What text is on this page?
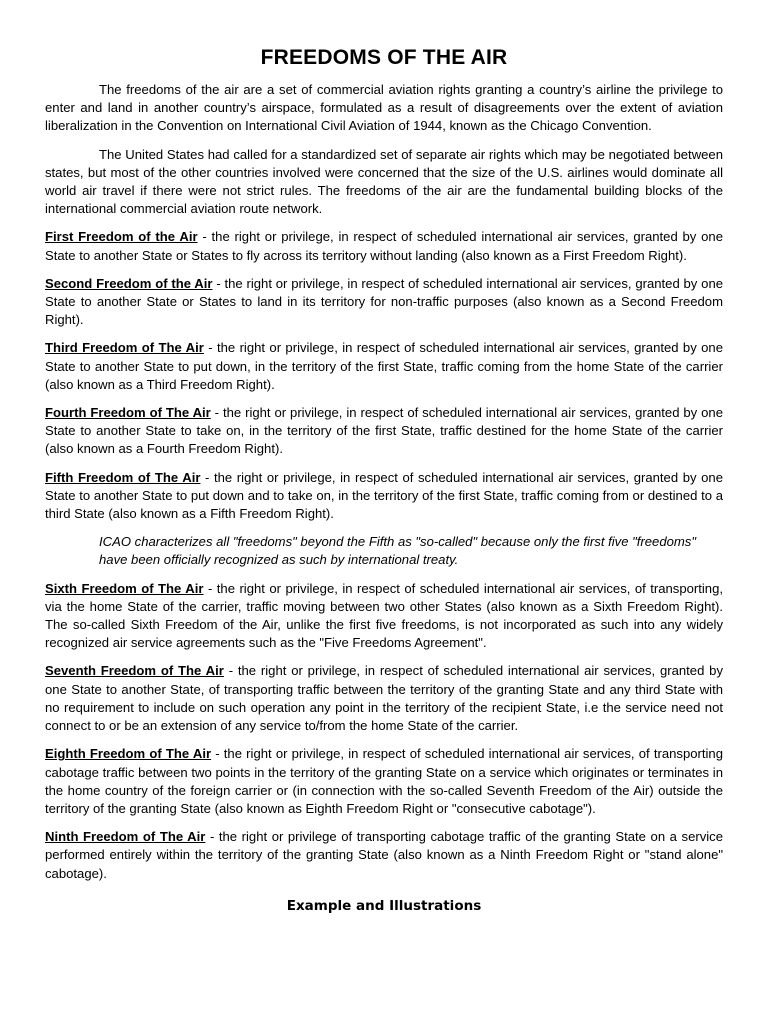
FREEDOMS OF THE AIR

The freedoms of the air are a set of commercial aviation rights granting a country’s airline the privilege to enter and land in another country’s airspace, formulated as a result of disagreements over the extent of aviation liberalization in the Convention on International Civil Aviation of 1944, known as the Chicago Convention.

The United States had called for a standardized set of separate air rights which may be negotiated between states, but most of the other countries involved were concerned that the size of the U.S. airlines would dominate all world air travel if there were not strict rules. The freedoms of the air are the fundamental building blocks of the international commercial aviation route network.

First Freedom of the Air - the right or privilege, in respect of scheduled international air services, granted by one State to another State or States to fly across its territory without landing (also known as a First Freedom Right).

Second Freedom of the Air - the right or privilege, in respect of scheduled international air services, granted by one State to another State or States to land in its territory for non-traffic purposes (also known as a Second Freedom Right).

Third Freedom of The Air - the right or privilege, in respect of scheduled international air services, granted by one State to another State to put down, in the territory of the first State, traffic coming from the home State of the carrier (also known as a Third Freedom Right).

Fourth Freedom of The Air - the right or privilege, in respect of scheduled international air services, granted by one State to another State to take on, in the territory of the first State, traffic destined for the home State of the carrier (also known as a Fourth Freedom Right).

Fifth Freedom of The Air - the right or privilege, in respect of scheduled international air services, granted by one State to another State to put down and to take on, in the territory of the first State, traffic coming from or destined to a third State (also known as a Fifth Freedom Right).

ICAO characterizes all "freedoms" beyond the Fifth as "so-called" because only the first five "freedoms" have been officially recognized as such by international treaty.

Sixth Freedom of The Air - the right or privilege, in respect of scheduled international air services, of transporting, via the home State of the carrier, traffic moving between two other States (also known as a Sixth Freedom Right). The so-called Sixth Freedom of the Air, unlike the first five freedoms, is not incorporated as such into any widely recognized air service agreements such as the "Five Freedoms Agreement".

Seventh Freedom of The Air - the right or privilege, in respect of scheduled international air services, granted by one State to another State, of transporting traffic between the territory of the granting State and any third State with no requirement to include on such operation any point in the territory of the recipient State, i.e the service need not connect to or be an extension of any service to/from the home State of the carrier.

Eighth Freedom of The Air - the right or privilege, in respect of scheduled international air services, of transporting cabotage traffic between two points in the territory of the granting State on a service which originates or terminates in the home country of the foreign carrier or (in connection with the so-called Seventh Freedom of the Air) outside the territory of the granting State (also known as Eighth Freedom Right or "consecutive cabotage").

Ninth Freedom of The Air - the right or privilege of transporting cabotage traffic of the granting State on a service performed entirely within the territory of the granting State (also known as a Ninth Freedom Right or "stand alone" cabotage).

Example and Illustrations
